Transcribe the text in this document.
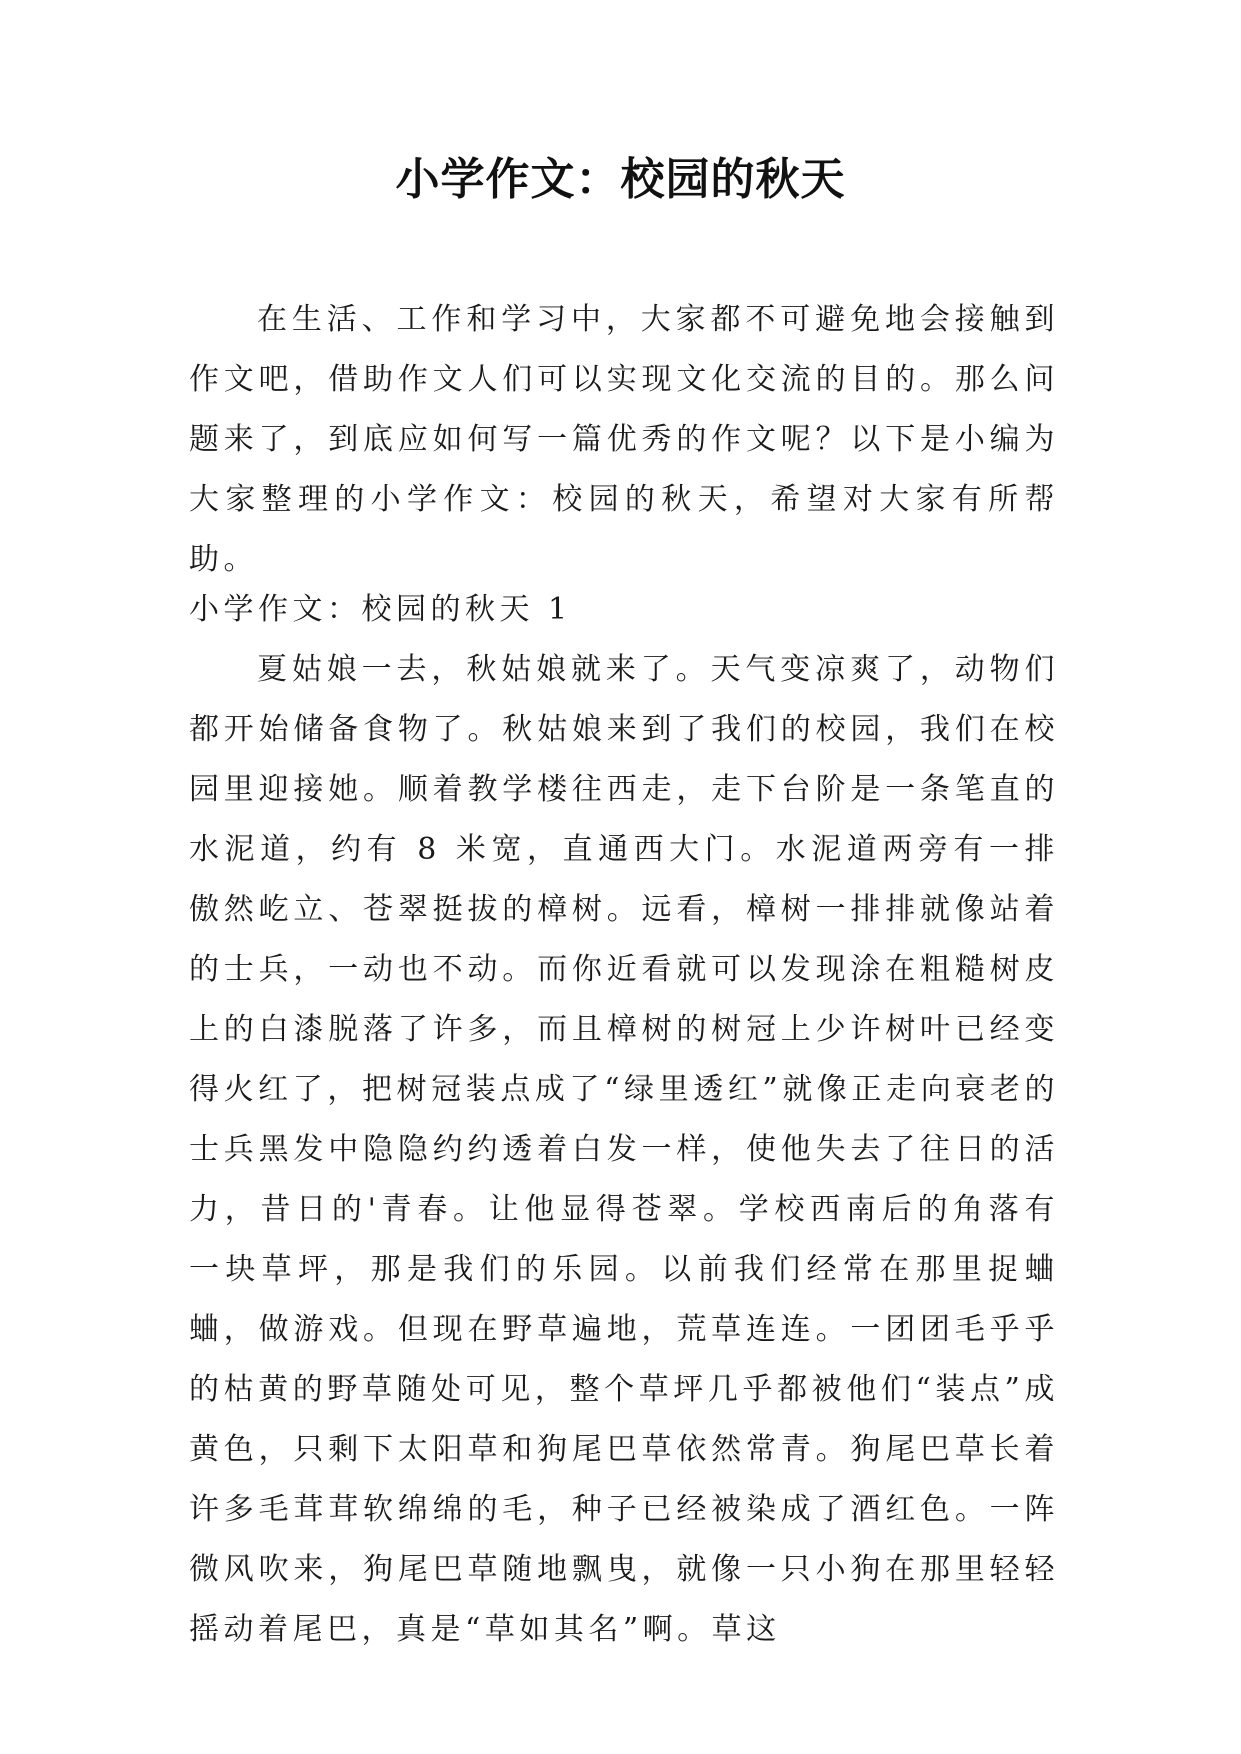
小学作文：校园的秋天

在生活、工作和学习中，大家都不可避免地会接触到作文吧，借助作文人们可以实现文化交流的目的。那么问题来了，到底应如何写一篇优秀的作文呢？以下是小编为大家整理的小学作文：校园的秋天，希望对大家有所帮助。

小学作文：校园的秋天 1

夏姑娘一去，秋姑娘就来了。天气变凉爽了，动物们都开始储备食物了。秋姑娘来到了我们的校园，我们在校园里迎接她。顺着教学楼往西走，走下台阶是一条笔直的水泥道，约有 8 米宽，直通西大门。水泥道两旁有一排傲然屹立、苍翠挺拔的樟树。远看，樟树一排排就像站着的士兵，一动也不动。而你近看就可以发现涂在粗糙树皮上的白漆脱落了许多，而且樟树的树冠上少许树叶已经变得火红了，把树冠装点成了“绿里透红”就像正走向衰老的士兵黑发中隐隐约约透着白发一样，使他失去了往日的活力，昔日的'青春。让他显得苍翠。学校西南后的角落有一块草坪，那是我们的乐园。以前我们经常在那里捉蛐蛐，做游戏。但现在野草遍地，荒草连连。一团团毛乎乎的枯黄的野草随处可见，整个草坪几乎都被他们“装点”成黄色，只剩下太阳草和狗尾巴草依然常青。狗尾巴草长着许多毛茸茸软绵绵的毛，种子已经被染成了酒红色。一阵微风吹来，狗尾巴草随地飘曳，就像一只小狗在那里轻轻摇动着尾巴，真是“草如其名”啊。草这
